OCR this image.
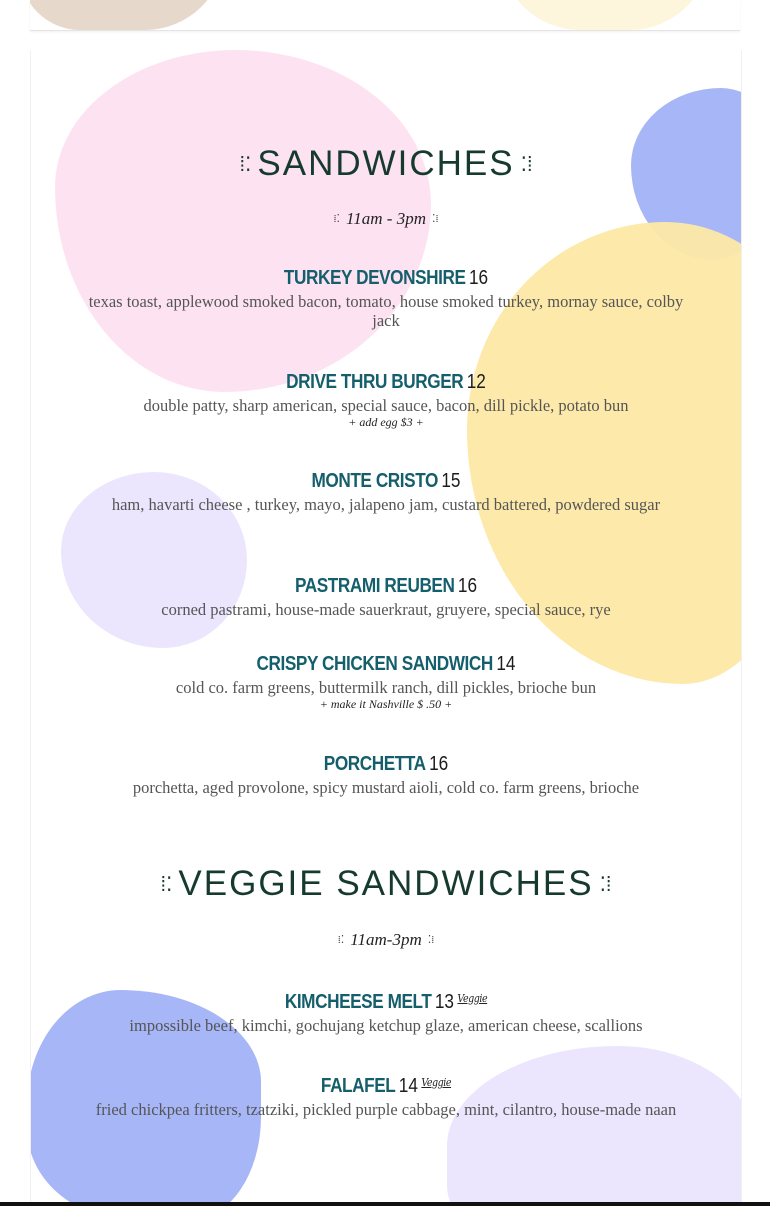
⁞⁚ SANDWICHES ⁚⁞
⁞⁚ 11am - 3pm ⁚⁞
TURKEY DEVONSHIRE 16
texas toast, applewood smoked bacon, tomato, house smoked turkey, mornay sauce, colby jack
DRIVE THRU BURGER 12
double patty, sharp american, special sauce, bacon, dill pickle, potato bun
+ add egg $3 +
MONTE CRISTO 15
ham, havarti cheese , turkey, mayo, jalapeno jam, custard battered, powdered sugar
PASTRAMI REUBEN 16
corned pastrami, house-made sauerkraut, gruyere, special sauce, rye
CRISPY CHICKEN SANDWICH 14
cold co. farm greens, buttermilk ranch, dill pickles, brioche bun
+ make it Nashville $ .50 +
PORCHETTA 16
porchetta, aged provolone, spicy mustard aioli, cold co. farm greens, brioche
⁞⁚ VEGGIE SANDWICHES ⁚⁞
⁞⁚ 11am-3pm ⁚⁞
KIMCHEESE MELT 13 $^{Veggie}$
impossible beef, kimchi, gochujang ketchup glaze, american cheese, scallions
FALAFEL 14 $^{Veggie}$
fried chickpea fritters, tzatziki, pickled purple cabbage, mint, cilantro, house-made naan
